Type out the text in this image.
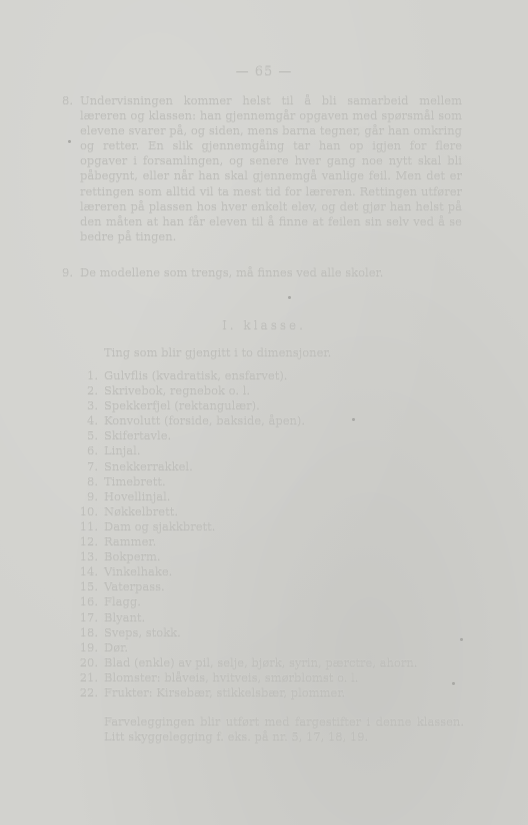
— 65 —
8. Undervisningen kommer helst til å bli samarbeid mellem læreren og klassen: han gjennemgår opgaven med spørsmål som elevene svarer på, og siden, mens barna tegner, går han omkring og retter. En slik gjennemgåing tar han op igjen for flere opgaver i forsamlingen, og senere hver gang noe nytt skal bli påbegynt, eller når han skal gjennemgå vanlige feil. Men det er rettingen som alltid vil ta mest tid for læreren. Rettingen utfører læreren på plassen hos hver enkelt elev, og det gjør han helst på den måten at han får eleven til å finne at feilen sin selv ved å se bedre på tingen.
9. De modellene som trengs, må finnes ved alle skoler.
I. klasse.
Ting som blir gjengitt i to dimensjoner.
1. Gulvflis (kvadratisk, ensfarvet).
2. Skrivebok, regnebok o. l.
3. Spekkerfjel (rektangulær).
4. Konvolutt (forside, bakside, åpen).
5. Skifertavle.
6. Linjal.
7. Snekkerrakkel.
8. Timebrett.
9. Hovellinjal.
10. Nøkkelbrett.
11. Dam og sjakkbrett.
12. Rammer.
13. Bokperm.
14. Vinkelhake.
15. Vaterpass.
16. Flagg.
17. Blyant.
18. Sveps, stokk.
19. Dør.
20. Blad (enkle) av pil, selje, bjørk, syrin, pærctre, ahorn.
21. Blomster: blåveis, hvitveis, smørblomst o. l.
22. Frukter: Kirsebær, stikkelsbær, plommer.
Farveleggingen blir utført med fargestifter i denne klassen. Litt skyggelegging f. eks. på nr. 5, 17, 18, 19.
